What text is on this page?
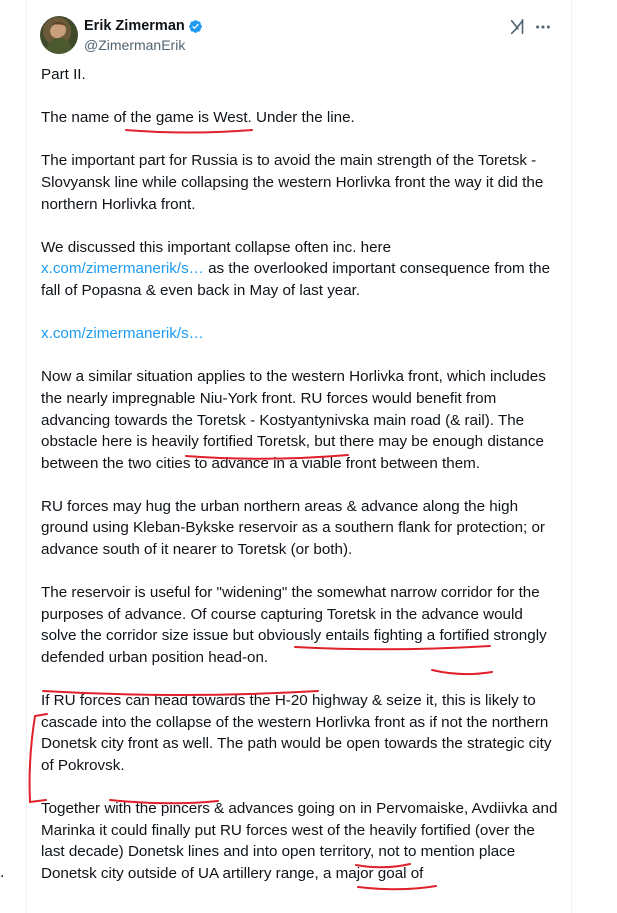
Erik Zimerman
@ZimermanErik

Part II.

The name of the game is West. Under the line.

The important part for Russia is to avoid the main strength of the Toretsk - Slovyansk line while collapsing the western Horlivka front the way it did the northern Horlivka front.

We discussed this important collapse often inc. here
x.com/zimermanerik/s… as the overlooked important consequence from the fall of Popasna & even back in May of last year.

x.com/zimermanerik/s…

Now a similar situation applies to the western Horlivka front, which includes the nearly impregnable Niu-York front. RU forces would benefit from advancing towards the Toretsk - Kostyantynivska main road (& rail). The obstacle here is heavily fortified Toretsk, but there may be enough distance between the two cities to advance in a viable front between them.

RU forces may hug the urban northern areas & advance along the high ground using Kleban-Bykske reservoir as a southern flank for protection; or advance south of it nearer to Toretsk (or both).

The reservoir is useful for "widening" the somewhat narrow corridor for the purposes of advance. Of course capturing Toretsk in the advance would solve the corridor size issue but obviously entails fighting a fortified strongly defended urban position head-on.

If RU forces can head towards the H-20 highway & seize it, this is likely to cascade into the collapse of the western Horlivka front as if not the northern Donetsk city front as well. The path would be open towards the strategic city of Pokrovsk.

Together with the pincers & advances going on in Pervomaiske, Avdiivka and Marinka it could finally put RU forces west of the heavily fortified (over the last decade) Donetsk lines and into open territory, not to mention place Donetsk city outside of UA artillery range, a major goal of

.
